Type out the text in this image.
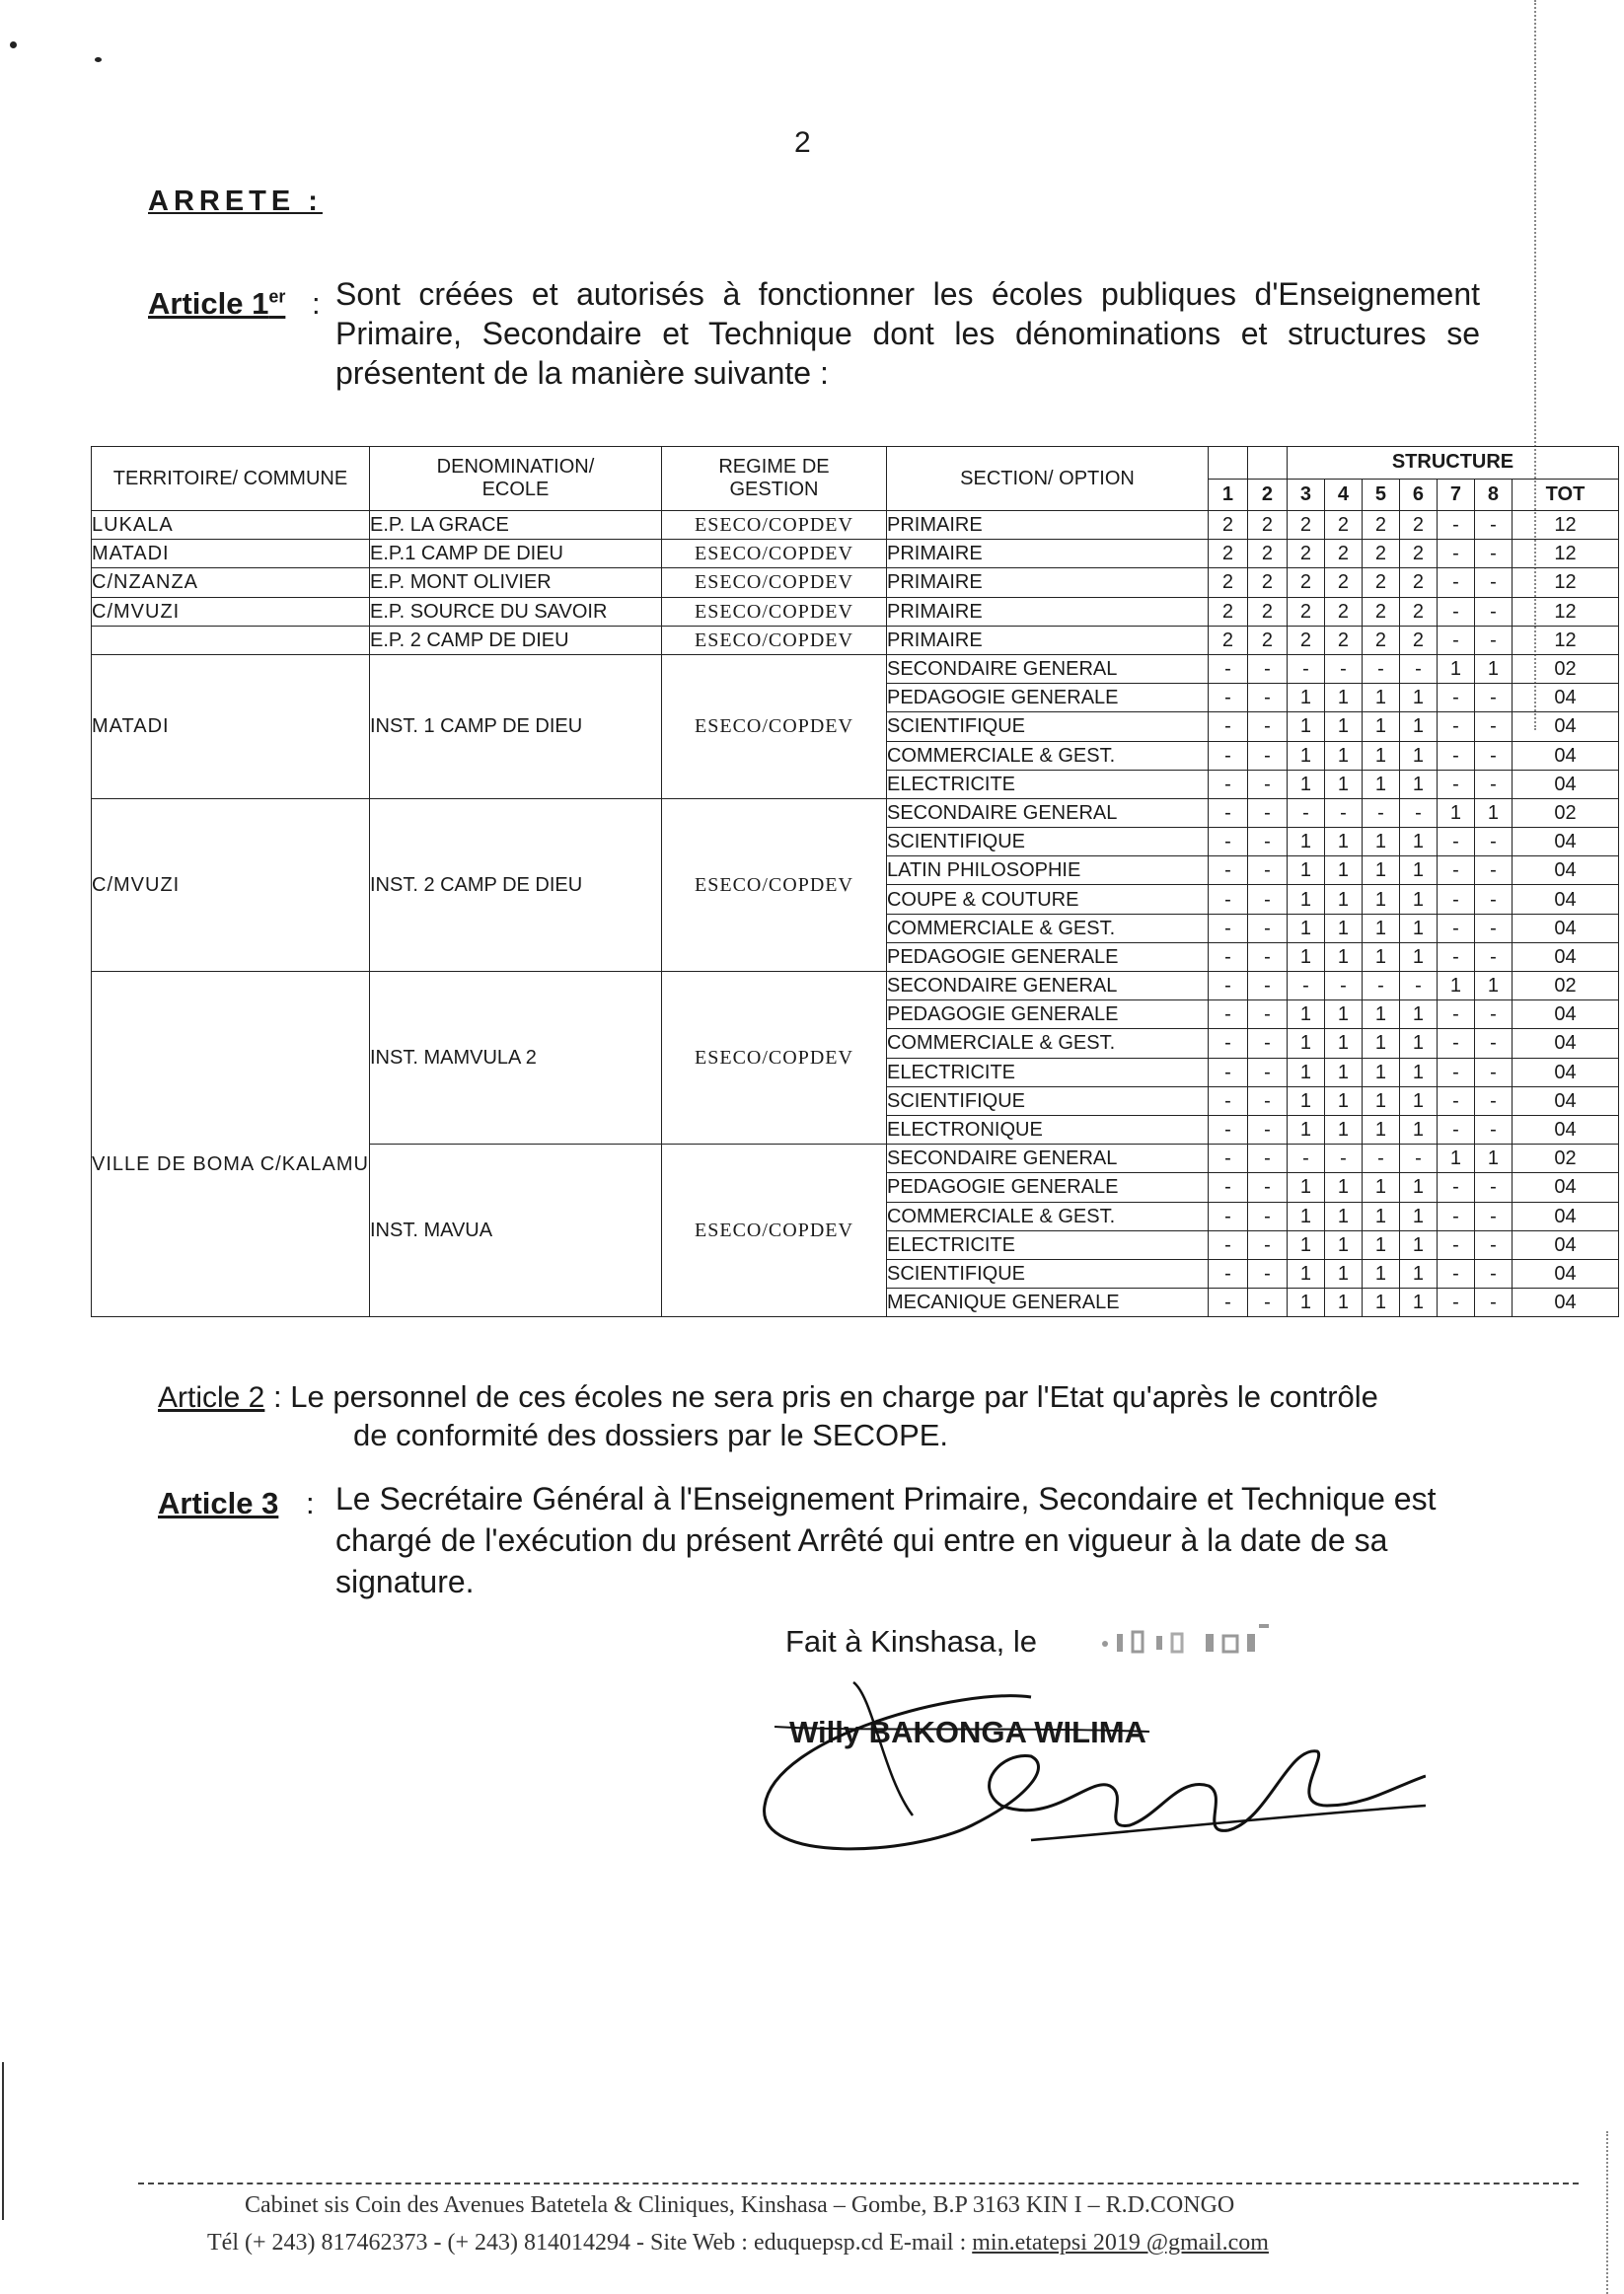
2
ARRETE :
Article 1er : Sont créées et autorisés à fonctionner les écoles publiques d'Enseignement Primaire, Secondaire et Technique dont les dénominations et structures se présentent de la manière suivante :
TERRITOIRE/ COMMUNE	DENOMINATION/ ECOLE	REGIME DE GESTION	SECTION/ OPTION			STRUCTURE						
				1	2	3	4	5	6	7	8	TOT
LUKALA	E.P. LA GRACE	ESECO/COPDEV	PRIMAIRE	2	2	2	2	2	2	-	-	12
MATADI	E.P.1 CAMP DE DIEU	ESECO/COPDEV	PRIMAIRE	2	2	2	2	2	2	-	-	12
C/NZANZA	E.P. MONT OLIVIER	ESECO/COPDEV	PRIMAIRE	2	2	2	2	2	2	-	-	12
C/MVUZI	E.P. SOURCE DU SAVOIR	ESECO/COPDEV	PRIMAIRE	2	2	2	2	2	2	-	-	12
	E.P. 2 CAMP DE DIEU	ESECO/COPDEV	PRIMAIRE	2	2	2	2	2	2	-	-	12
MATADI	INST. 1 CAMP DE DIEU	ESECO/COPDEV	SECONDAIRE GENERAL	-	-	-	-	-	-	1	1	02
			PEDAGOGIE GENERALE	-	-	1	1	1	1	-	-	04
			SCIENTIFIQUE	-	-	1	1	1	1	-	-	04
			COMMERCIALE & GEST.	-	-	1	1	1	1	-	-	04
			ELECTRICITE	-	-	1	1	1	1	-	-	04
C/MVUZI	INST. 2 CAMP DE DIEU	ESECO/COPDEV	SECONDAIRE GENERAL	-	-	-	-	-	-	1	1	02
			SCIENTIFIQUE	-	-	1	1	1	1	-	-	04
			LATIN PHILOSOPHIE	-	-	1	1	1	1	-	-	04
			COUPE & COUTURE	-	-	1	1	1	1	-	-	04
			COMMERCIALE & GEST.	-	-	1	1	1	1	-	-	04
			PEDAGOGIE GENERALE	-	-	1	1	1	1	-	-	04
VILLE DE BOMA C/KALAMU	INST. MAMVULA 2	ESECO/COPDEV	SECONDAIRE GENERAL	-	-	-	-	-	-	1	1	02
			PEDAGOGIE GENERALE	-	-	1	1	1	1	-	-	04
			COMMERCIALE & GEST.	-	-	1	1	1	1	-	-	04
			ELECTRICITE	-	-	1	1	1	1	-	-	04
			SCIENTIFIQUE	-	-	1	1	1	1	-	-	04
			ELECTRONIQUE	-	-	1	1	1	1	-	-	04
	INST. MAVUA	ESECO/COPDEV	SECONDAIRE GENERAL	-	-	-	-	-	-	1	1	02
			PEDAGOGIE GENERALE	-	-	1	1	1	1	-	-	04
			COMMERCIALE & GEST.	-	-	1	1	1	1	-	-	04
			ELECTRICITE	-	-	1	1	1	1	-	-	04
			SCIENTIFIQUE	-	-	1	1	1	1	-	-	04
			MECANIQUE GENERALE	-	-	1	1	1	1	-	-	04
Article 2 : Le personnel de ces écoles ne sera pris en charge par l'Etat qu'après le contrôle
de conformité des dossiers par le SECOPE.
Article 3 : Le Secrétaire Général à l'Enseignement Primaire, Secondaire et Technique est chargé de l'exécution du présent Arrêté qui entre en vigueur à la date de sa signature.
Fait à Kinshasa, le
Willy BAKONGA WILIMA
Cabinet sis Coin des Avenues Batetela & Cliniques, Kinshasa – Gombe, B.P 3163 KIN I – R.D.CONGO
Tél (+ 243) 817462373 - (+ 243) 814014294 - Site Web : eduquepsp.cd E-mail : min.etatepsi 2019 @gmail.com
